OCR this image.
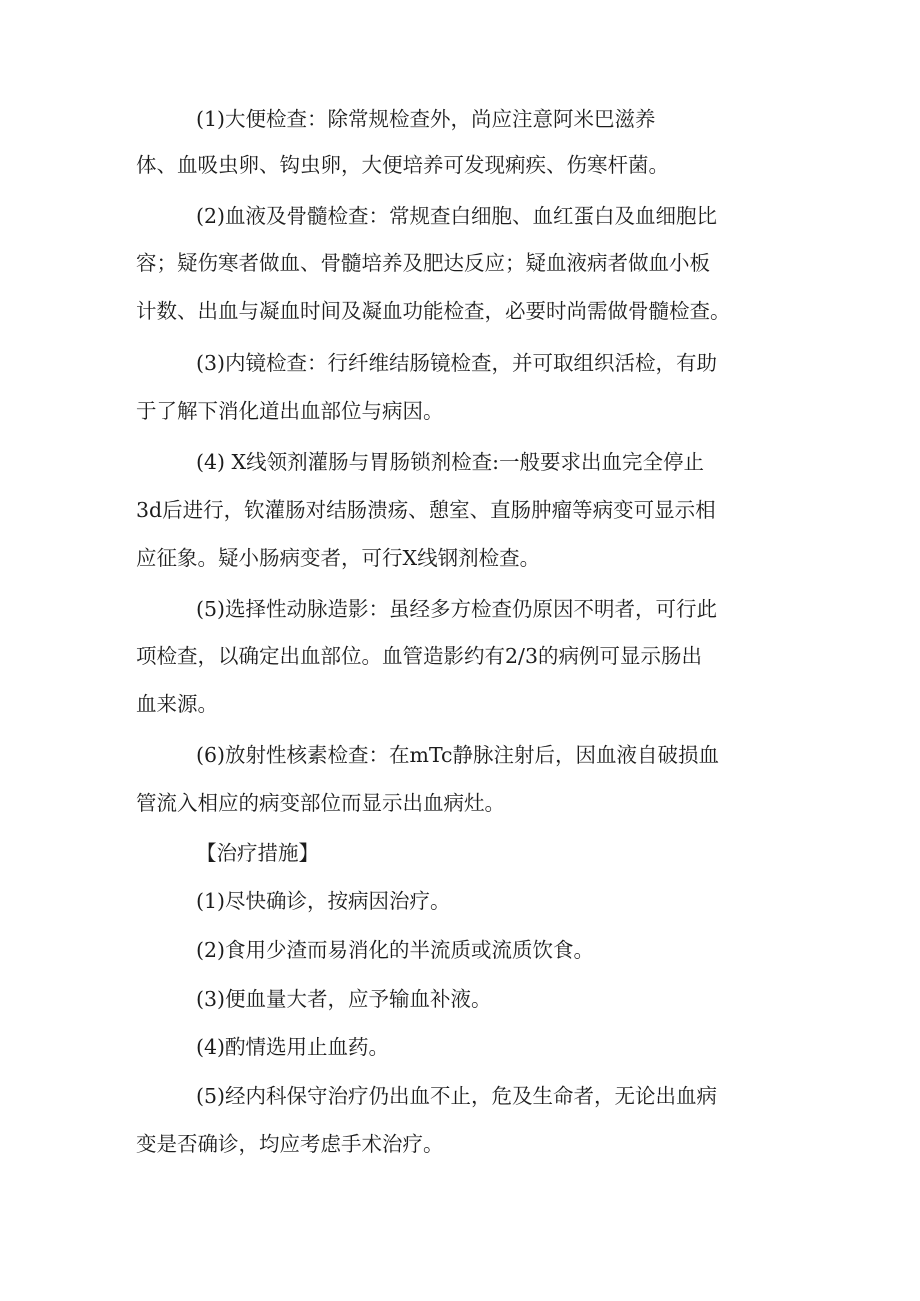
(1)大便检查：除常规检查外，尚应注意阿米巴滋养
体、血吸虫卵、钩虫卵，大便培养可发现痢疾、伤寒杆菌。
(2)血液及骨髓检查：常规查白细胞、血红蛋白及血细胞比
容；疑伤寒者做血、骨髓培养及肥达反应；疑血液病者做血小板
计数、出血与凝血时间及凝血功能检查，必要时尚需做骨髓检查。
(3)内镜检查：行纤维结肠镜检查，并可取组织活检，有助
于了解下消化道出血部位与病因。
(4) X线领剂灌肠与胃肠锁剂检查:一般要求出血完全停止
3d后进行，钦灌肠对结肠溃疡、憩室、直肠肿瘤等病变可显示相
应征象。疑小肠病变者，可行X线钢剂检查。
(5)选择性动脉造影：虽经多方检查仍原因不明者，可行此
项检查，以确定出血部位。血管造影约有2/3的病例可显示肠出
血来源。
(6)放射性核素检查：在mTc静脉注射后，因血液自破损血
管流入相应的病变部位而显示出血病灶。
【治疗措施】
(1)尽快确诊，按病因治疗。
(2)食用少渣而易消化的半流质或流质饮食。
(3)便血量大者，应予输血补液。
(4)酌情选用止血药。
(5)经内科保守治疗仍出血不止，危及生命者，无论出血病
变是否确诊，均应考虑手术治疗。
